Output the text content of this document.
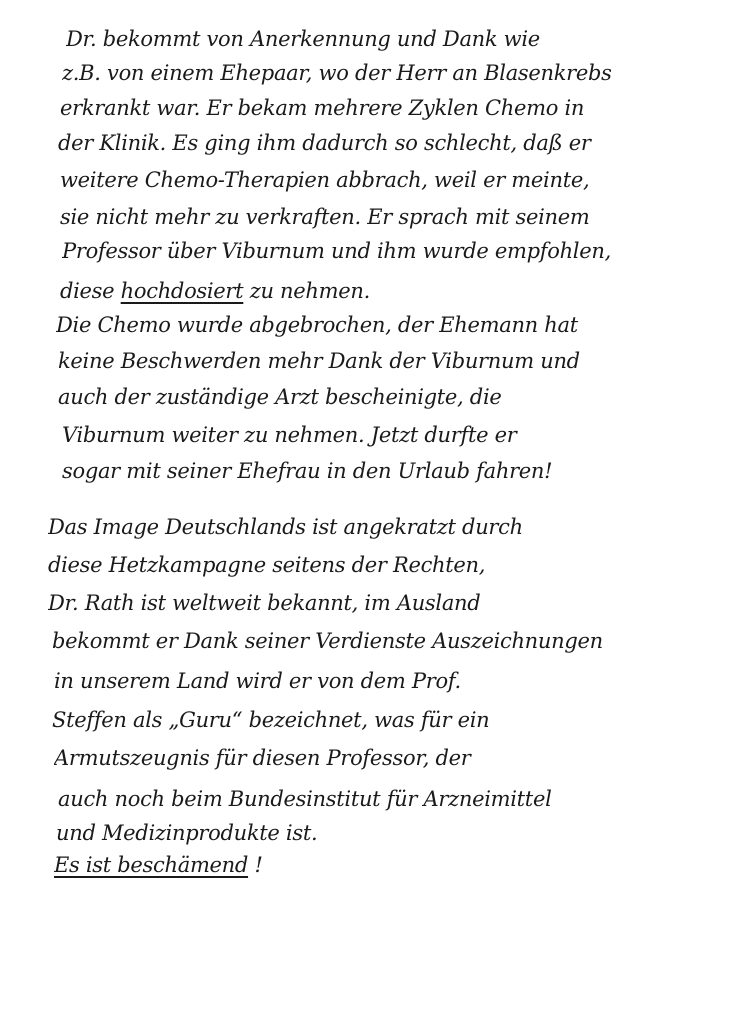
Dr. bekommt von Anerkennung und Dank wie
z.B. von einem Ehepaar, wo der Herr an Blasenkrebs
erkrankt war. Er bekam mehrere Zyklen Chemo in
der Klinik. Es ging ihm dadurch so schlecht, daß er
weitere Chemo-Therapien abbrach, weil er meinte,
sie nicht mehr zu verkraften. Er sprach mit seinem
Professor über Viburnum und ihm wurde empfohlen,
diese hochdosiert zu nehmen.
Die Chemo wurde abgebrochen, der Ehemann hat
keine Beschwerden mehr Dank der Viburnum und
auch der zuständige Arzt bescheinigte, die
Viburnum weiter zu nehmen. Jetzt durfte er
sogar mit seiner Ehefrau in den Urlaub fahren!
Das Image Deutschlands ist angekratzt durch
diese Hetzkampagne seitens der Rechten,
Dr. Rath ist weltweit bekannt, im Ausland
bekommt er Dank seiner Verdienste Auszeichnungen
in unserem Land wird er von dem Prof.
Steffen als „Guru“ bezeichnet, was für ein
Armutszeugnis für diesen Professor, der
auch noch beim Bundesinstitut für Arzneimittel
und Medizinprodukte ist.
Es ist beschämend !
